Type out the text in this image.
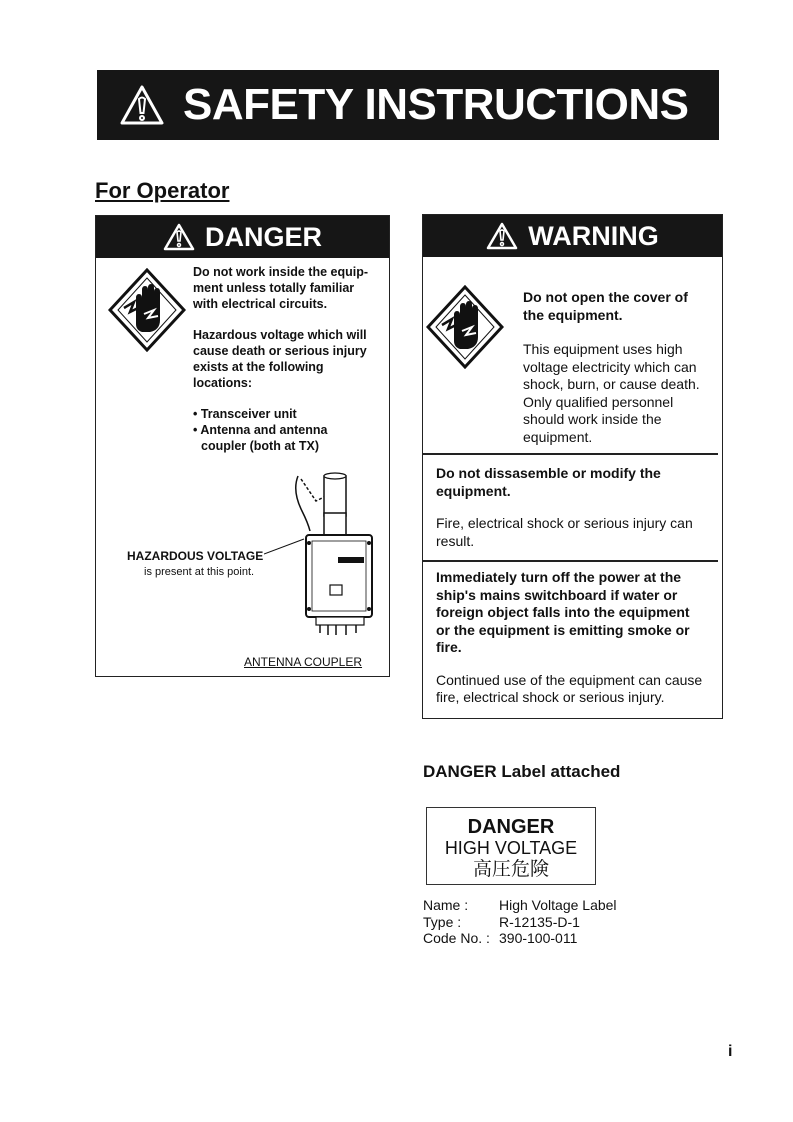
SAFETY INSTRUCTIONS
For Operator
DANGER
Do not work inside the equip-
ment unless totally familiar
with electrical circuits.
Hazardous voltage which will
cause death or serious injury
exists at the following
locations:
• Transceiver unit
• Antenna and antenna
coupler (both at TX)
HAZARDOUS VOLTAGE
is present at this point.
ANTENNA COUPLER
WARNING
Do not open the cover of
the equipment.
This equipment uses high
voltage electricity which can
shock, burn, or cause death.
Only qualified personnel
should work inside the
equipment.
Do not dissasemble or modify the
equipment.
Fire, electrical shock or serious injury can
result.
Immediately turn off the power at the
ship's mains switchboard if water or
foreign object falls into the equipment
or the equipment is emitting smoke or
fire.
Continued use of the equipment can cause
fire, electrical shock or serious injury.
DANGER Label attached
DANGER
HIGH VOLTAGE
高圧危険
Name :	High Voltage Label
Type :	R-12135-D-1
Code No. : 390-100-011
i
